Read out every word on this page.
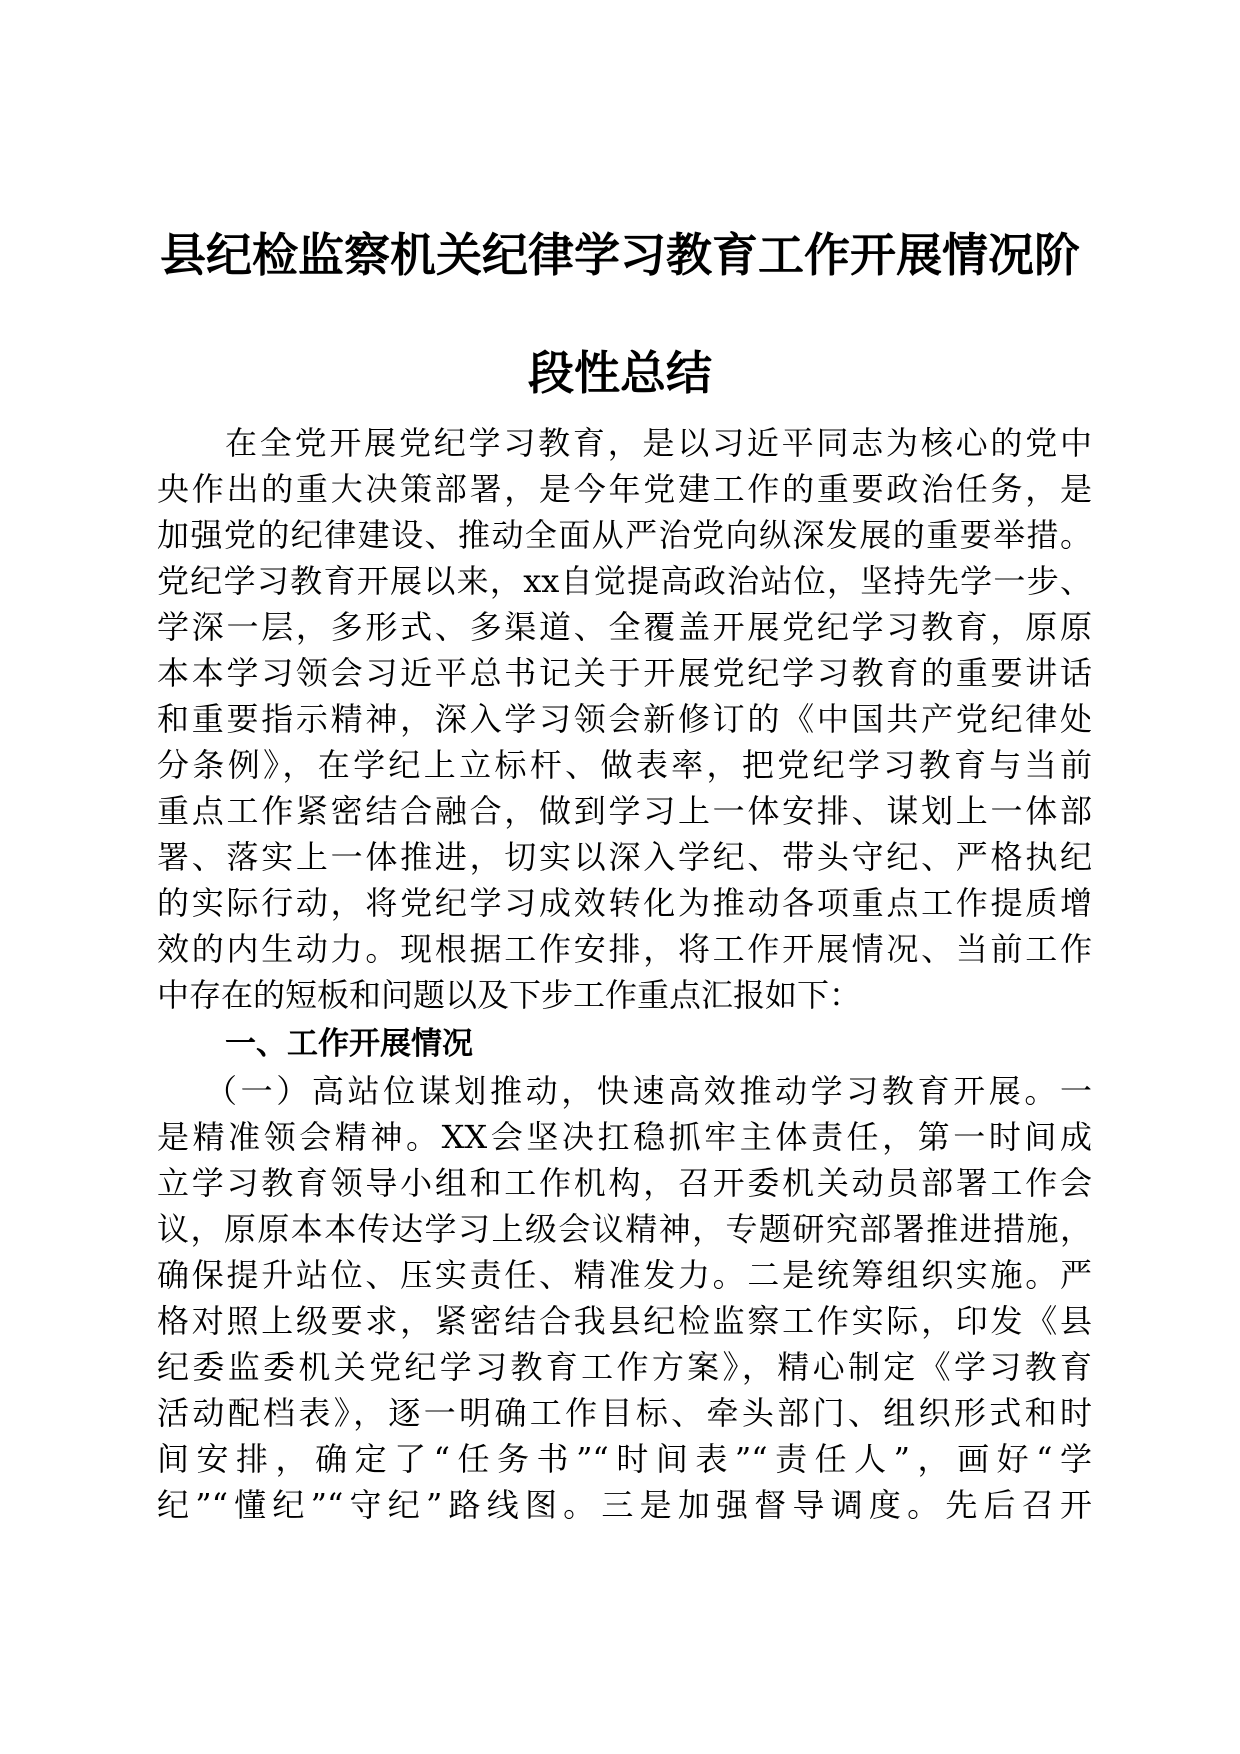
县纪检监察机关纪律学习教育工作开展情况阶
段性总结
在全党开展党纪学习教育，是以习近平同志为核心的党中
央作出的重大决策部署，是今年党建工作的重要政治任务，是
加强党的纪律建设、推动全面从严治党向纵深发展的重要举措。
党纪学习教育开展以来，xx自觉提高政治站位，坚持先学一步、
学深一层，多形式、多渠道、全覆盖开展党纪学习教育，原原
本本学习领会习近平总书记关于开展党纪学习教育的重要讲话
和重要指示精神，深入学习领会新修订的《中国共产党纪律处
分条例》，在学纪上立标杆、做表率，把党纪学习教育与当前
重点工作紧密结合融合，做到学习上一体安排、谋划上一体部
署、落实上一体推进，切实以深入学纪、带头守纪、严格执纪
的实际行动，将党纪学习成效转化为推动各项重点工作提质增
效的内生动力。现根据工作安排，将工作开展情况、当前工作
中存在的短板和问题以及下步工作重点汇报如下：
一、工作开展情况
（一）高站位谋划推动，快速高效推动学习教育开展。一
是精准领会精神。XX会坚决扛稳抓牢主体责任，第一时间成
立学习教育领导小组和工作机构，召开委机关动员部署工作会
议，原原本本传达学习上级会议精神，专题研究部署推进措施，
确保提升站位、压实责任、精准发力。二是统筹组织实施。严
格对照上级要求，紧密结合我县纪检监察工作实际，印发《县
纪委监委机关党纪学习教育工作方案》，精心制定《学习教育
活动配档表》，逐一明确工作目标、牵头部门、组织形式和时
间安排，确定了“任务书”“时间表”“责任人”，画好“学
纪”“懂纪”“守纪”路线图。三是加强督导调度。先后召开
